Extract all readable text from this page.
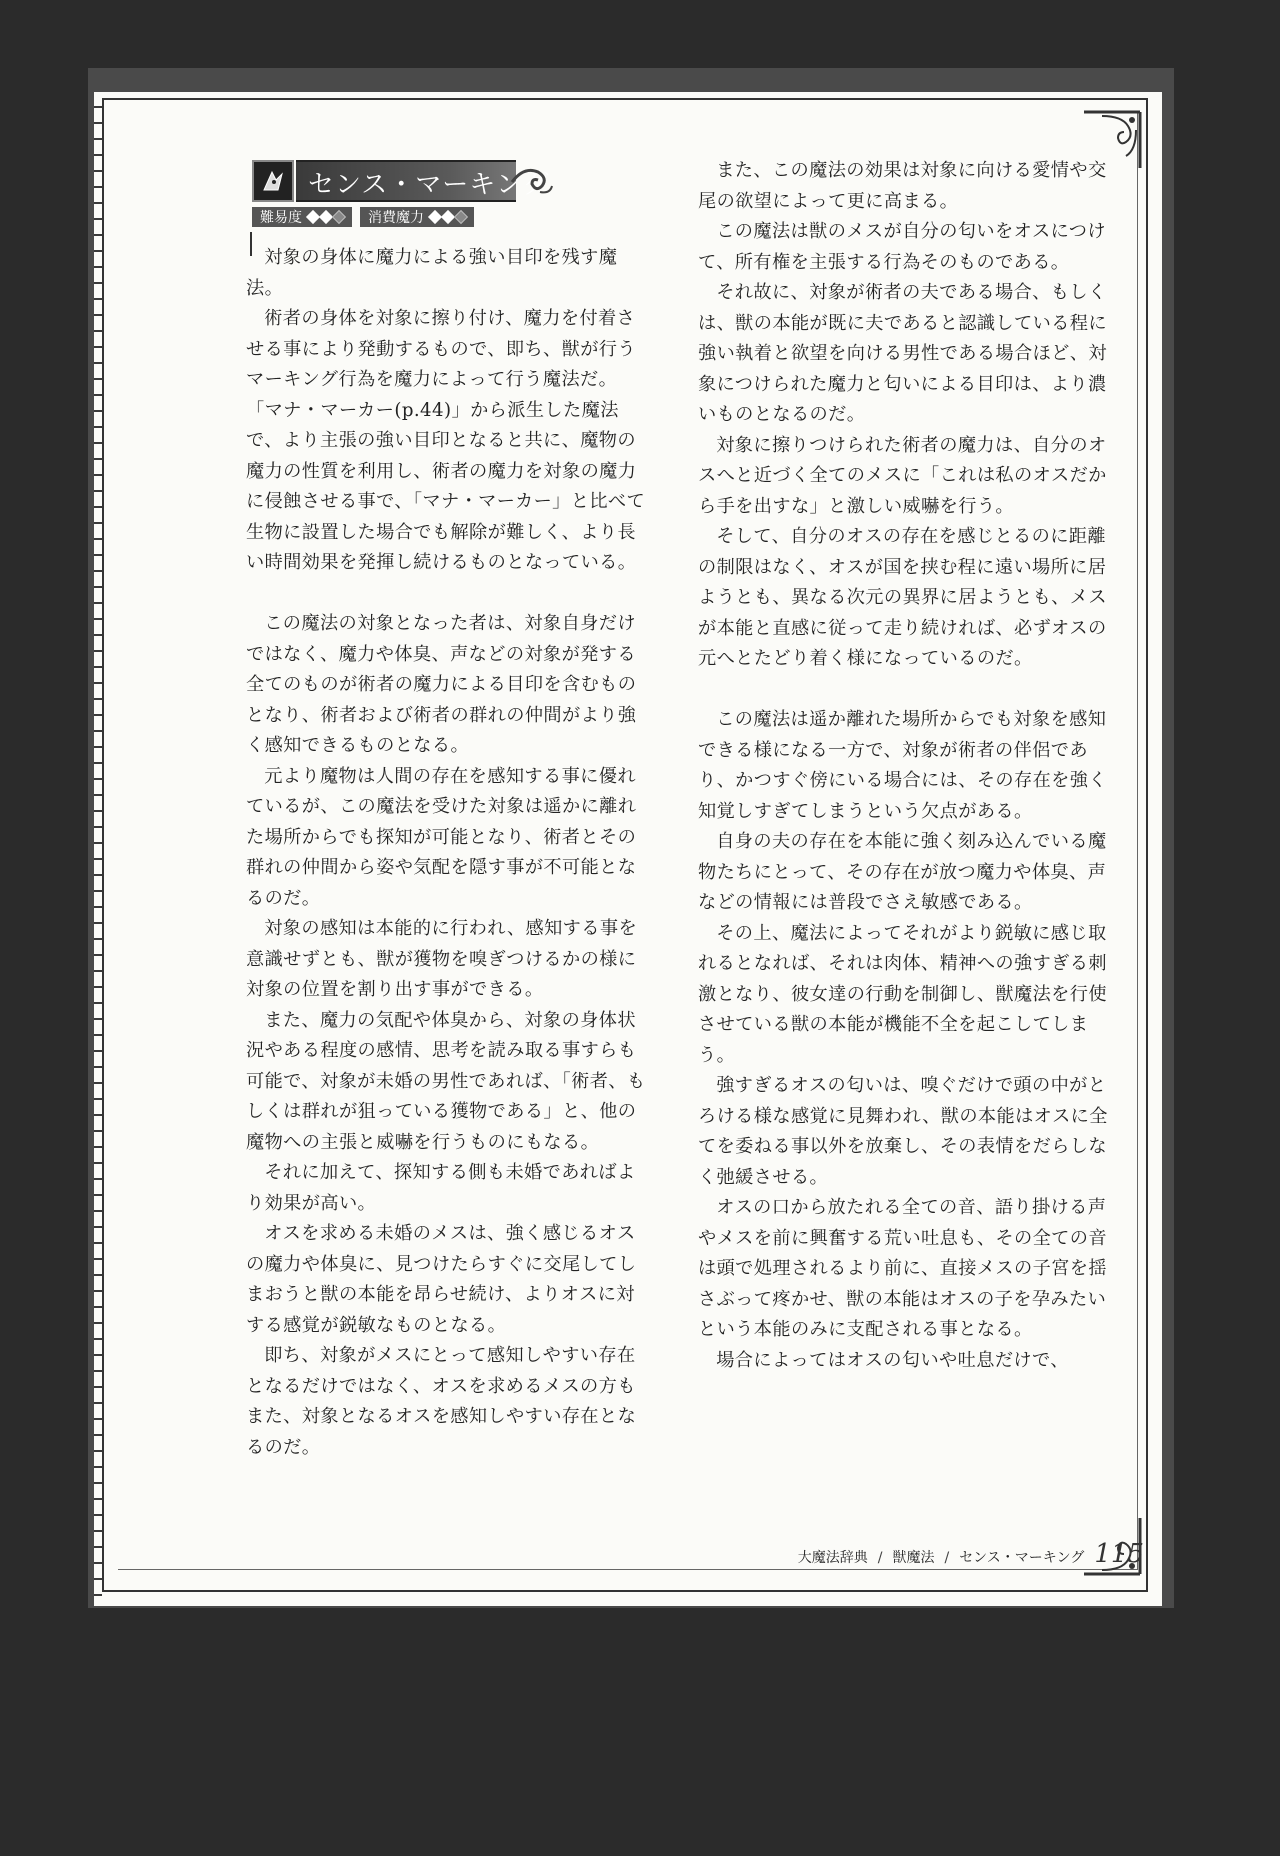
センス・マーキング
難易度	消費魔力

対象の身体に魔力による強い目印を残す魔法。

術者の身体を対象に擦り付け、魔力を付着させる事により発動するもので、即ち、獣が行うマーキング行為を魔力によって行う魔法だ。

「マナ・マーカー(p.44)」から派生した魔法で、より主張の強い目印となると共に、魔物の魔力の性質を利用し、術者の魔力を対象の魔力に侵蝕させる事で、「マナ・マーカー」と比べて生物に設置した場合でも解除が難しく、より長い時間効果を発揮し続けるものとなっている。

この魔法の対象となった者は、対象自身だけではなく、魔力や体臭、声などの対象が発する全てのものが術者の魔力による目印を含むものとなり、術者および術者の群れの仲間がより強く感知できるものとなる。

元より魔物は人間の存在を感知する事に優れているが、この魔法を受けた対象は遥かに離れた場所からでも探知が可能となり、術者とその群れの仲間から姿や気配を隠す事が不可能となるのだ。

対象の感知は本能的に行われ、感知する事を意識せずとも、獣が獲物を嗅ぎつけるかの様に対象の位置を割り出す事ができる。

また、魔力の気配や体臭から、対象の身体状況やある程度の感情、思考を読み取る事すらも可能で、対象が未婚の男性であれば、「術者、もしくは群れが狙っている獲物である」と、他の魔物への主張と威嚇を行うものにもなる。

それに加えて、探知する側も未婚であればより効果が高い。

オスを求める未婚のメスは、強く感じるオスの魔力や体臭に、見つけたらすぐに交尾してしまおうと獣の本能を昂らせ続け、よりオスに対する感覚が鋭敏なものとなる。

即ち、対象がメスにとって感知しやすい存在となるだけではなく、オスを求めるメスの方もまた、対象となるオスを感知しやすい存在となるのだ。

また、この魔法の効果は対象に向ける愛情や交尾の欲望によって更に高まる。

この魔法は獣のメスが自分の匂いをオスにつけて、所有権を主張する行為そのものである。

それ故に、対象が術者の夫である場合、もしくは、獣の本能が既に夫であると認識している程に強い執着と欲望を向ける男性である場合ほど、対象につけられた魔力と匂いによる目印は、より濃いものとなるのだ。

対象に擦りつけられた術者の魔力は、自分のオスへと近づく全てのメスに「これは私のオスだから手を出すな」と激しい威嚇を行う。

そして、自分のオスの存在を感じとるのに距離の制限はなく、オスが国を挟む程に遠い場所に居ようとも、異なる次元の異界に居ようとも、メスが本能と直感に従って走り続ければ、必ずオスの元へとたどり着く様になっているのだ。

この魔法は遥か離れた場所からでも対象を感知できる様になる一方で、対象が術者の伴侶であり、かつすぐ傍にいる場合には、その存在を強く知覚しすぎてしまうという欠点がある。

自身の夫の存在を本能に強く刻み込んでいる魔物たちにとって、その存在が放つ魔力や体臭、声などの情報には普段でさえ敏感である。

その上、魔法によってそれがより鋭敏に感じ取れるとなれば、それは肉体、精神への強すぎる刺激となり、彼女達の行動を制御し、獣魔法を行使させている獣の本能が機能不全を起こしてしまう。

強すぎるオスの匂いは、嗅ぐだけで頭の中がとろける様な感覚に見舞われ、獣の本能はオスに全てを委ねる事以外を放棄し、その表情をだらしなく弛緩させる。

オスの口から放たれる全ての音、語り掛ける声やメスを前に興奮する荒い吐息も、その全ての音は頭で処理されるより前に、直接メスの子宮を揺さぶって疼かせ、獣の本能はオスの子を孕みたいという本能のみに支配される事となる。

場合によってはオスの匂いや吐息だけで、

大魔法辞典 / 獣魔法 / センス・マーキング 115
